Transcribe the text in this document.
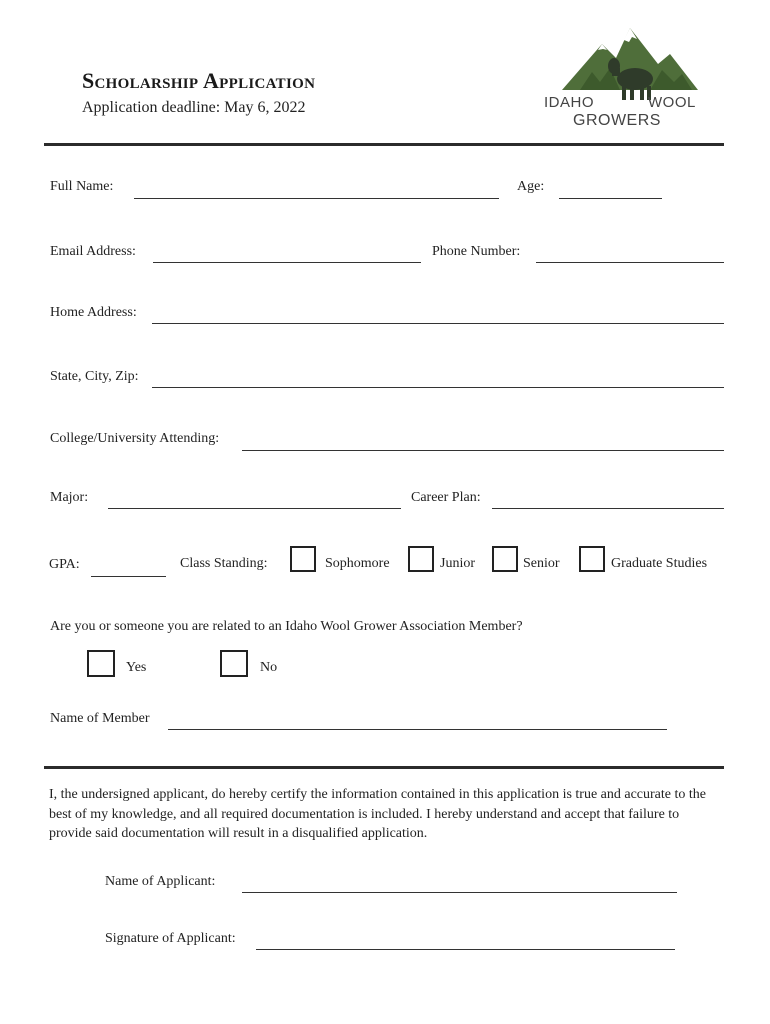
Scholarship Application
Application deadline: May 6, 2022	IDAHO	WOOL
GROWERS
Full Name:	Age:
Email Address:	Phone Number:
Home Address:
State, City, Zip:
College/University Attending:
Major:	Career Plan:
GPA:	Class Standing:	Sophomore	Junior	Senior	Graduate Studies
Are you or someone you are related to an Idaho Wool Grower Association Member?
Yes	No
Name of Member
I, the undersigned applicant, do hereby certify the information contained in this application is true and accurate to the best of my knowledge, and all required documentation is included. I hereby understand and accept that failure to provide said documentation will result in a disqualified application.
Name of Applicant:
Signature of Applicant:
